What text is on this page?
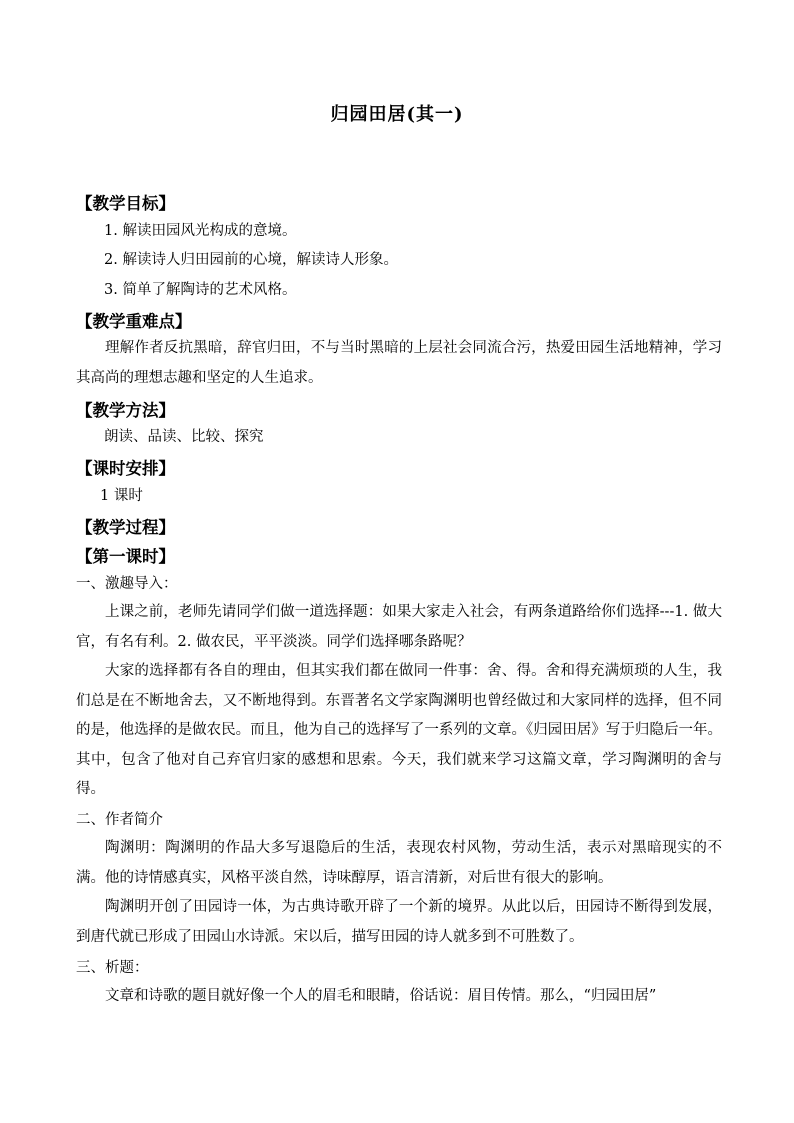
归园田居(其一)
【教学目标】
1. 解读田园风光构成的意境。
2. 解读诗人归田园前的心境，解读诗人形象。
3. 简单了解陶诗的艺术风格。
【教学重难点】

理解作者反抗黑暗，辞官归田，不与当时黑暗的上层社会同流合污，热爱田园生活地精神，学习其高尚的理想志趣和坚定的人生追求。

【教学方法】
朗读、品读、比较、探究
【课时安排】
1 课时
【教学过程】
【第一课时】
一、激趣导入：

上课之前，老师先请同学们做一道选择题：如果大家走入社会，有两条道路给你们选择---1. 做大官，有名有利。2. 做农民，平平淡淡。同学们选择哪条路呢？

大家的选择都有各自的理由，但其实我们都在做同一件事：舍、得。舍和得充满烦琐的人生，我们总是在不断地舍去，又不断地得到。东晋著名文学家陶渊明也曾经做过和大家同样的选择，但不同的是，他选择的是做农民。而且，他为自己的选择写了一系列的文章。《归园田居》写于归隐后一年。其中，包含了他对自己弃官归家的感想和思索。今天，我们就来学习这篇文章，学习陶渊明的舍与得。

二、作者简介

陶渊明：陶渊明的作品大多写退隐后的生活，表现农村风物，劳动生活，表示对黑暗现实的不满。他的诗情感真实，风格平淡自然，诗味醇厚，语言清新，对后世有很大的影响。

陶渊明开创了田园诗一体，为古典诗歌开辟了一个新的境界。从此以后，田园诗不断得到发展，到唐代就已形成了田园山水诗派。宋以后，描写田园的诗人就多到不可胜数了。

三、析题：

文章和诗歌的题目就好像一个人的眉毛和眼睛，俗话说：眉目传情。那么，“归园田居”
